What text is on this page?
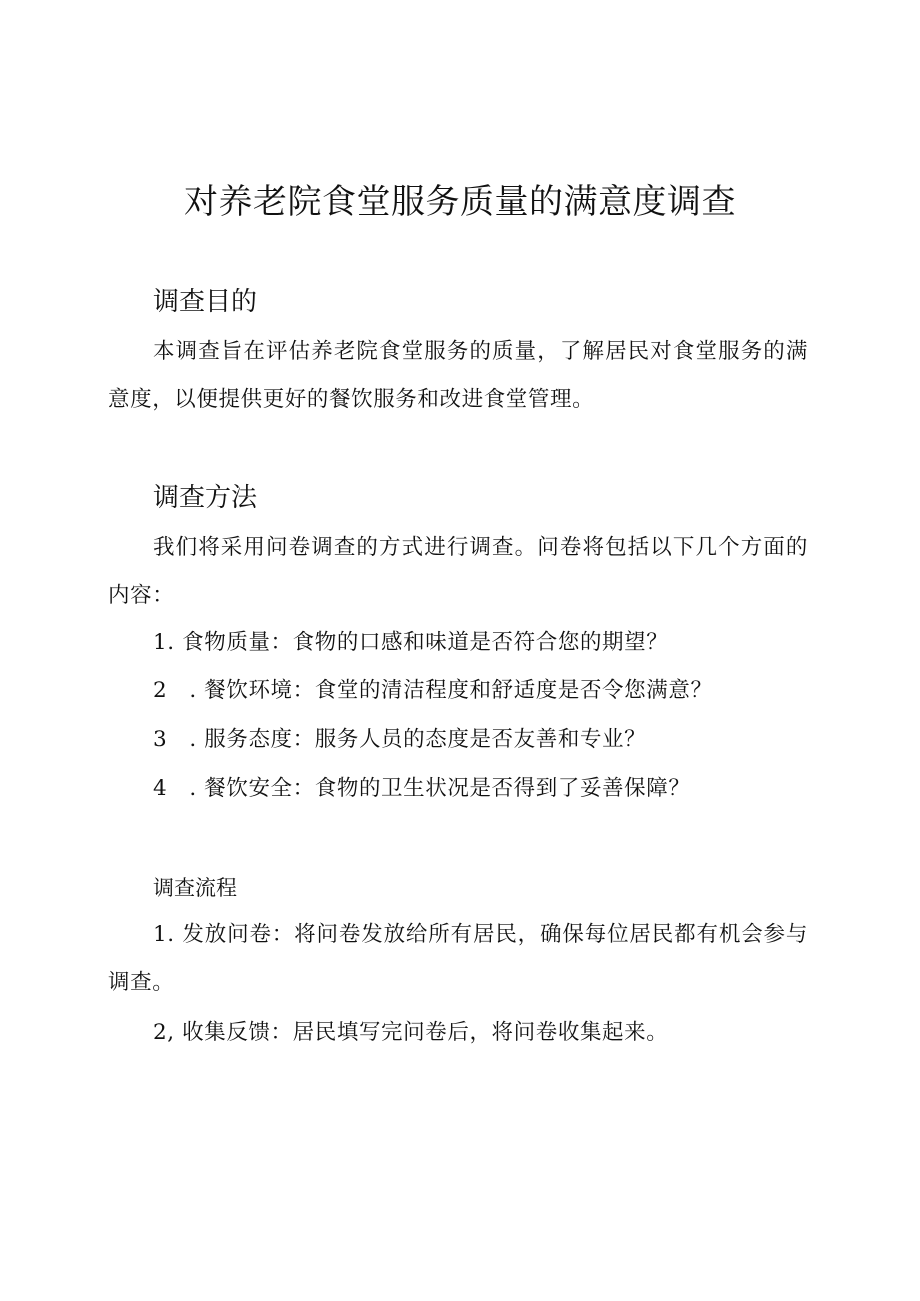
对养老院食堂服务质量的满意度调查
调查目的

本调查旨在评估养老院食堂服务的质量，了解居民对食堂服务的满意度，以便提供更好的餐饮服务和改进食堂管理。

调查方法

我们将采用问卷调查的方式进行调查。问卷将包括以下几个方面的内容：

1. 食物质量：食物的口感和味道是否符合您的期望？

2　. 餐饮环境：食堂的清洁程度和舒适度是否令您满意？

3　. 服务态度：服务人员的态度是否友善和专业？

4　. 餐饮安全：食物的卫生状况是否得到了妥善保障？

调查流程

1. 发放问卷：将问卷发放给所有居民，确保每位居民都有机会参与调查。

2, 收集反馈：居民填写完问卷后，将问卷收集起来。
